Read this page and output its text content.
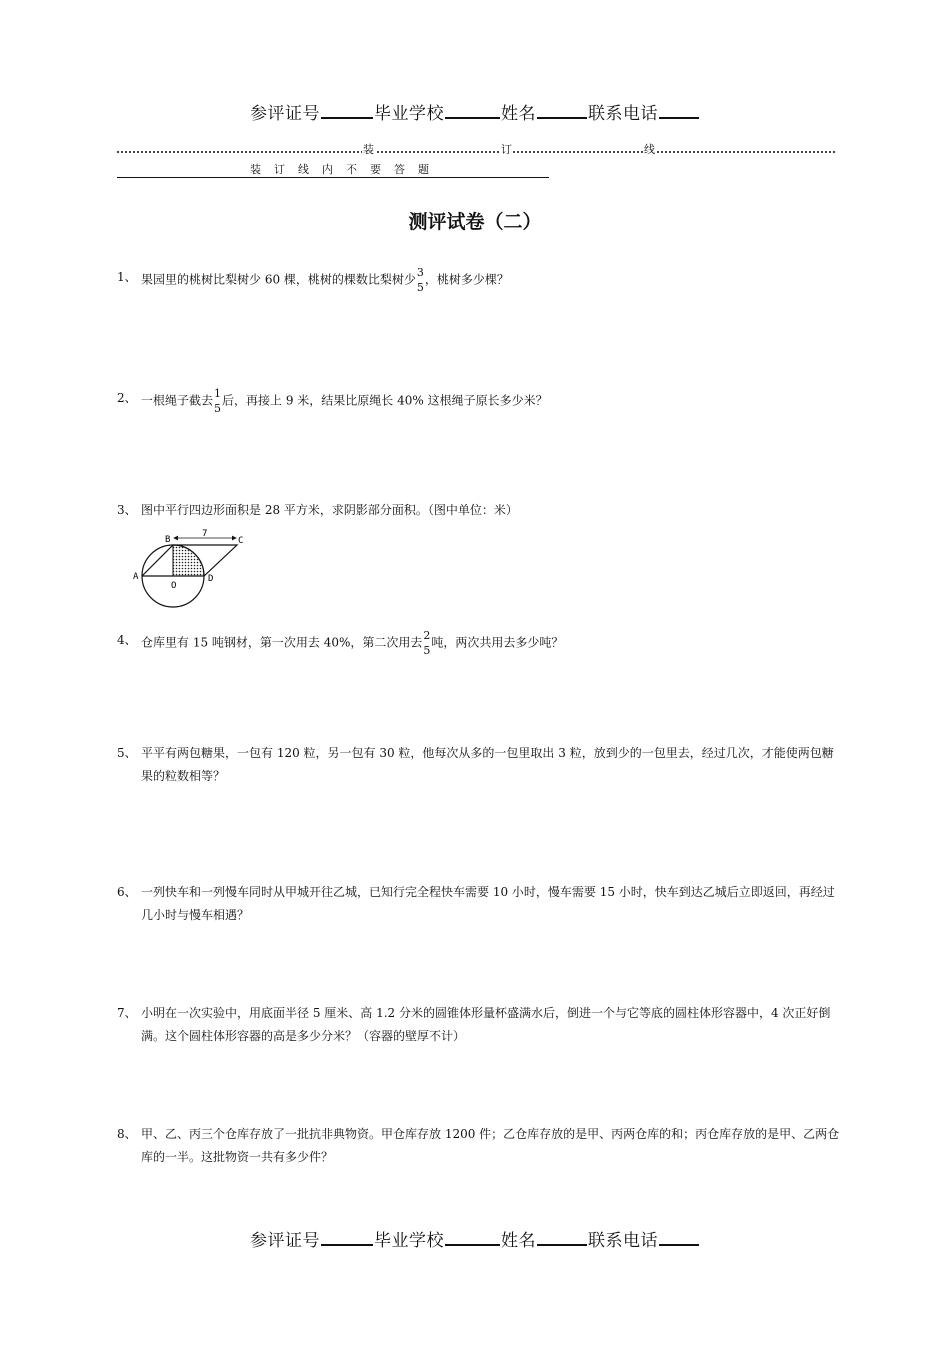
参评证号	毕业学校	姓名	联系电话
装	订	线
装订线内不要答题
测评试卷（二）
1、 果园里的桃树比梨树少 60 棵，桃树的棵数比梨树少 3
5
，桃树多少棵？
2、 一根绳子截去 1
5
后，再接上 9 米，结果比原绳长 40% 这根绳子原长多少米？
3、 图中平行四边形面积是 28 平方米，求阴影部分面积。（图中单位：米）
7
B	C
A	D
O
4、 仓库里有 15 吨钢材，第一次用去 40%，第二次用去 2
5
吨，两次共用去多少吨？
5、 平平有两包糖果，一包有 120 粒，另一包有 30 粒，他每次从多的一包里取出 3 粒，放到少的一包里去，经过几次，才能使两包糖果的粒数相等？
6、 一列快车和一列慢车同时从甲城开往乙城，已知行完全程快车需要 10 小时，慢车需要 15 小时，快车到达乙城后立即返回，再经过几小时与慢车相遇？
7、 小明在一次实验中，用底面半径 5 厘米、高 1.2 分米的圆锥体形量杯盛满水后，倒进一个与它等底的圆柱体形容器中，4 次正好倒满。这个圆柱体形容器的高是多少分米？（容器的壁厚不计）
8、 甲、乙、丙三个仓库存放了一批抗非典物资。甲仓库存放 1200 件；乙仓库存放的是甲、丙两仓库的和；丙仓库存放的是甲、乙两仓库的一半。这批物资一共有多少件？
参评证号	毕业学校	姓名	联系电话
